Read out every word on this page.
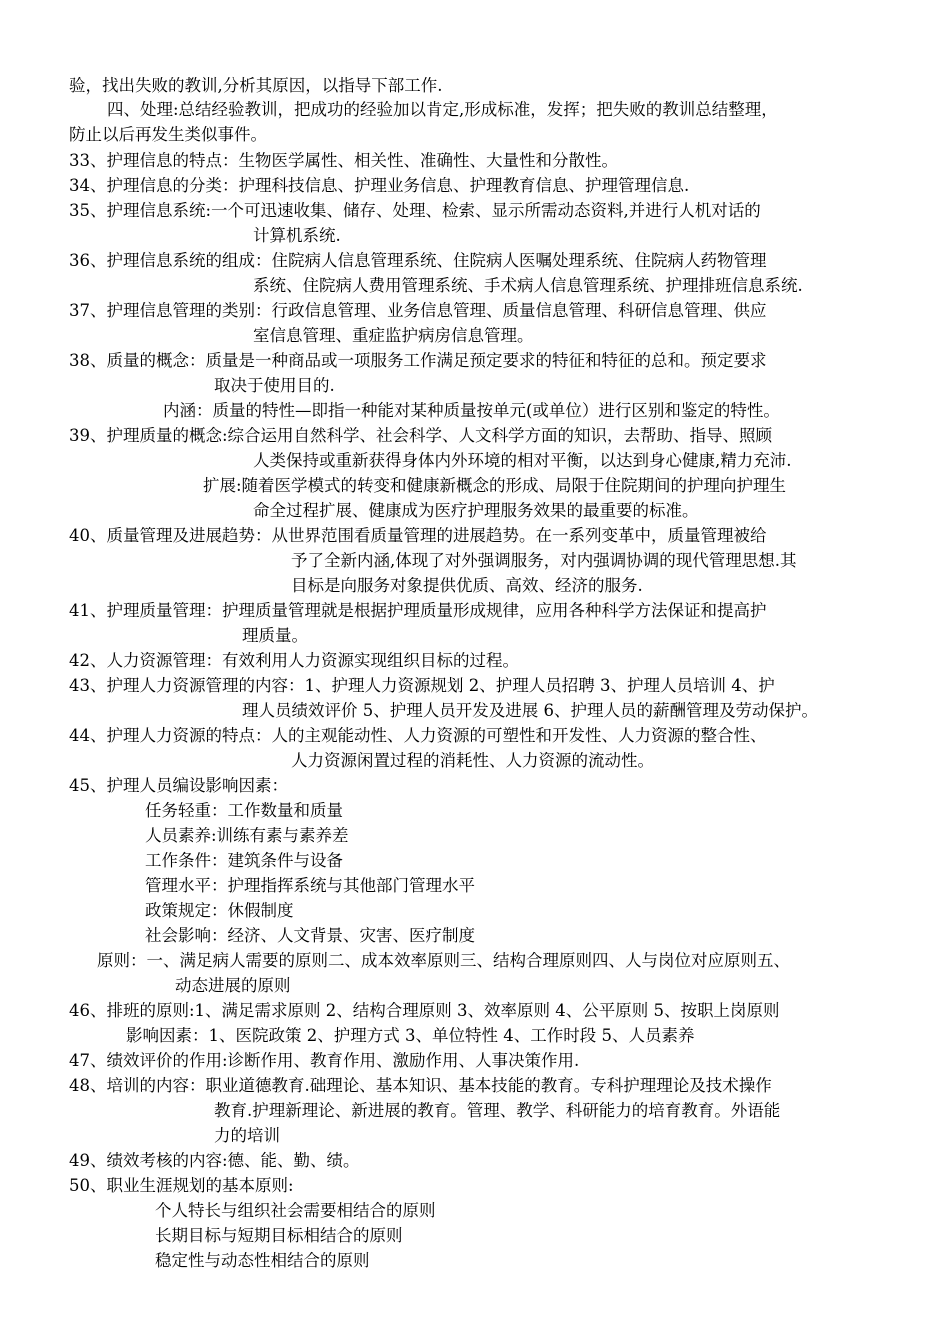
验，找出失败的教训,分析其原因，以指导下部工作.
四、处理:总结经验教训，把成功的经验加以肯定,形成标准，发挥；把失败的教训总结整理，
防止以后再发生类似事件。
33、护理信息的特点：生物医学属性、相关性、准确性、大量性和分散性。
34、护理信息的分类：护理科技信息、护理业务信息、护理教育信息、护理管理信息.
35、护理信息系统:一个可迅速收集、储存、处理、检索、显示所需动态资料,并进行人机对话的
计算机系统.
36、护理信息系统的组成：住院病人信息管理系统、住院病人医嘱处理系统、住院病人药物管理
系统、住院病人费用管理系统、手术病人信息管理系统、护理排班信息系统.
37、护理信息管理的类别：行政信息管理、业务信息管理、质量信息管理、科研信息管理、供应
室信息管理、重症监护病房信息管理。
38、质量的概念：质量是一种商品或一项服务工作满足预定要求的特征和特征的总和。预定要求
取决于使用目的.
内涵：质量的特性—即指一种能对某种质量按单元(或单位）进行区别和鉴定的特性。
39、护理质量的概念:综合运用自然科学、社会科学、人文科学方面的知识，去帮助、指导、照顾
人类保持或重新获得身体内外环境的相对平衡，以达到身心健康,精力充沛.
扩展:随着医学模式的转变和健康新概念的形成、局限于住院期间的护理向护理生
命全过程扩展、健康成为医疗护理服务效果的最重要的标准。
40、质量管理及进展趋势：从世界范围看质量管理的进展趋势。在一系列变革中，质量管理被给
予了全新内涵,体现了对外强调服务，对内强调协调的现代管理思想.其
目标是向服务对象提供优质、高效、经济的服务.
41、护理质量管理：护理质量管理就是根据护理质量形成规律，应用各种科学方法保证和提高护
理质量。
42、人力资源管理：有效利用人力资源实现组织目标的过程。
43、护理人力资源管理的内容：1、护理人力资源规划 2、护理人员招聘 3、护理人员培训 4、护
理人员绩效评价 5、护理人员开发及进展 6、护理人员的薪酬管理及劳动保护。
44、护理人力资源的特点：人的主观能动性、人力资源的可塑性和开发性、人力资源的整合性、
人力资源闲置过程的消耗性、人力资源的流动性。
45、护理人员编设影响因素：
任务轻重：工作数量和质量
人员素养:训练有素与素养差
工作条件：建筑条件与设备
管理水平：护理指挥系统与其他部门管理水平
政策规定：休假制度
社会影响：经济、人文背景、灾害、医疗制度
原则：一、满足病人需要的原则二、成本效率原则三、结构合理原则四、人与岗位对应原则五、
动态进展的原则
46、排班的原则:1、满足需求原则 2、结构合理原则 3、效率原则 4、公平原则 5、按职上岗原则
影响因素：1、医院政策 2、护理方式 3、单位特性 4、工作时段 5、人员素养
47、绩效评价的作用:诊断作用、教育作用、激励作用、人事决策作用.
48、培训的内容：职业道德教育.础理论、基本知识、基本技能的教育。专科护理理论及技术操作
教育.护理新理论、新进展的教育。管理、教学、科研能力的培育教育。外语能
力的培训
49、绩效考核的内容:德、能、勤、绩。
50、职业生涯规划的基本原则:
个人特长与组织社会需要相结合的原则
长期目标与短期目标相结合的原则
稳定性与动态性相结合的原则
